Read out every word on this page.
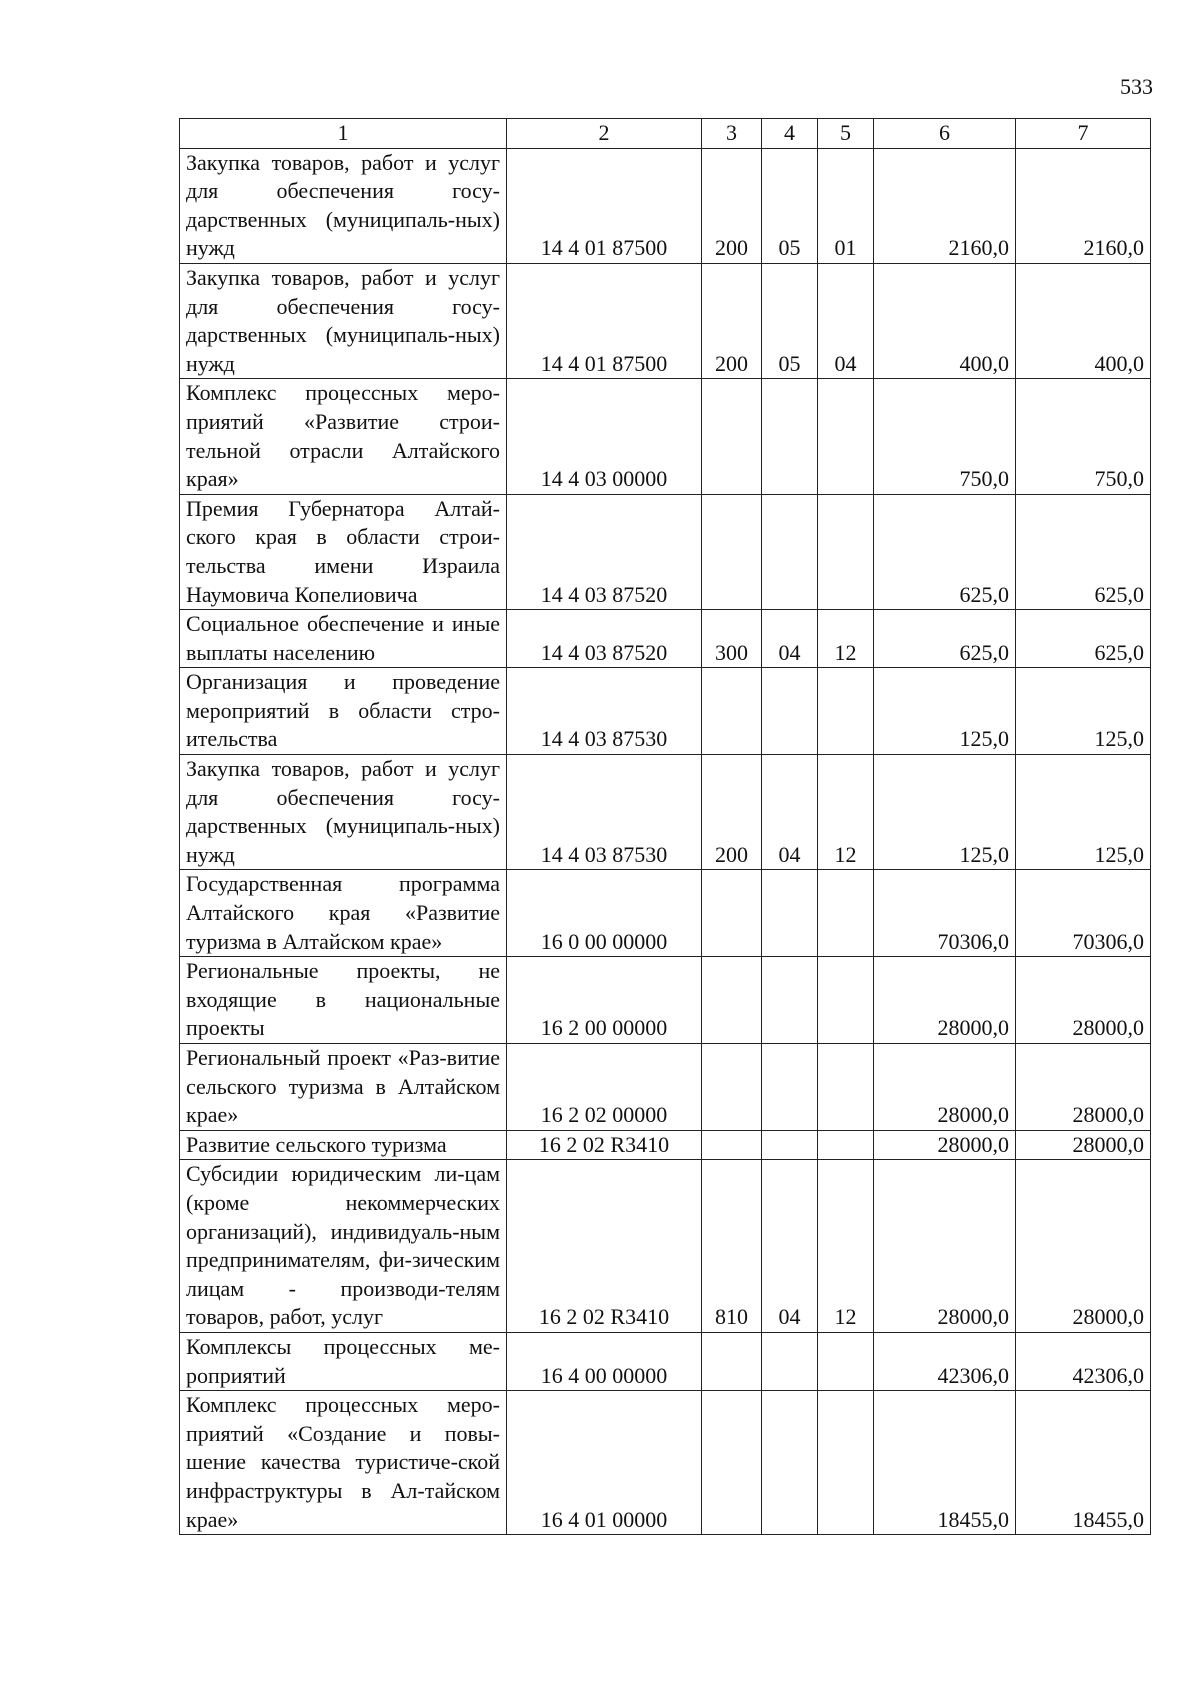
533
1	2	3	4	5	6	7
Закупка товаров, работ и услуг для обеспечения госу-дарственных (муниципаль-ных) нужд	14 4 01 87500	200	05	01	2160,0	2160,0
Закупка товаров, работ и услуг для обеспечения госу-дарственных (муниципаль-ных) нужд	14 4 01 87500	200	05	04	400,0	400,0
Комплекс процессных меро-приятий «Развитие строи-тельной отрасли Алтайского края»	14 4 03 00000				750,0	750,0
Премия Губернатора Алтай-ского края в области строи-тельства имени Израила Наумовича Копелиовича	14 4 03 87520				625,0	625,0
Социальное обеспечение и иные выплаты населению	14 4 03 87520	300	04	12	625,0	625,0
Организация и проведение мероприятий в области стро-ительства	14 4 03 87530				125,0	125,0
Закупка товаров, работ и услуг для обеспечения госу-дарственных (муниципаль-ных) нужд	14 4 03 87530	200	04	12	125,0	125,0
Государственная программа Алтайского края «Развитие туризма в Алтайском крае»	16 0 00 00000				70306,0	70306,0
Региональные проекты, не входящие в национальные проекты	16 2 00 00000				28000,0	28000,0
Региональный проект «Раз-витие сельского туризма в Алтайском крае»	16 2 02 00000				28000,0	28000,0
Развитие сельского туризма	16 2 02 R3410				28000,0	28000,0
Субсидии юридическим ли-цам (кроме некоммерческих организаций), индивидуаль-ным предпринимателям, фи-зическим лицам - производи-телям товаров, работ, услуг	16 2 02 R3410	810	04	12	28000,0	28000,0
Комплексы процессных ме-роприятий	16 4 00 00000				42306,0	42306,0
Комплекс процессных меро-приятий «Создание и повы-шение качества туристиче-ской инфраструктуры в Ал-тайском крае»	16 4 01 00000				18455,0	18455,0
